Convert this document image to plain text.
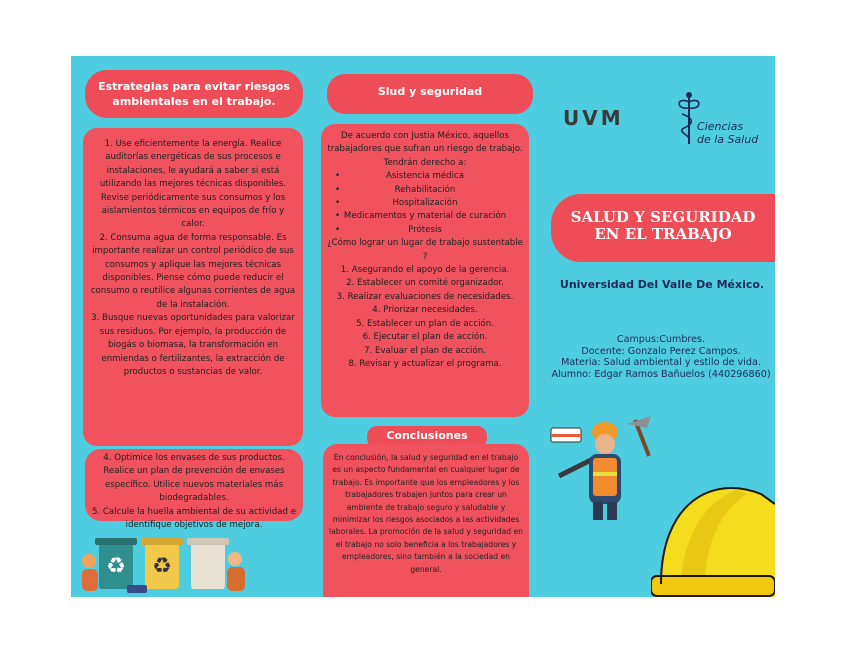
Estrategias para evitar riesgos ambientales en el trabajo.

1. Use eficientemente la energía. Realice auditorías energéticas de sus procesos e instalaciones, le ayudará a saber si está utilizando las mejores técnicas disponibles. Revise periódicamente sus consumos y los aislamientos térmicos en equipos de frío y calor.

2. Consuma agua de forma responsable. Es importante realizar un control periódico de sus consumos y aplique las mejores técnicas disponibles. Piense cómo puede reducir el consumo o reutilice algunas corrientes de agua de la instalación.

3. Busque nuevas oportunidades para valorizar sus residuos. Por ejemplo, la producción de biogás o biomasa, la transformación en enmiendas o fertilizantes, la extracción de productos o sustancias de valor.

4. Optimice los envases de sus productos. Realice un plan de prevención de envases específico. Utilice nuevos materiales más biodegradables.

5. Calcule la huella ambiental de su actividad e identifique objetivos de mejora.

♻ ♻
Slud y seguridad
De acuerdo con Justia México, aquellos trabajadores que sufran un riesgo de trabajo. Tendrán derecho a:
• Asistencia médica
• Rehabilitación
• Hospitalización
• Medicamentos y material de curación
• Prótesis
¿Cómo lograr un lugar de trabajo sustentable ?
1. Asegurando el apoyo de la gerencia.
2. Establecer un comité organizador.
3. Realizar evaluaciones de necesidades.
4. Priorizar necesidades.
5. Establecer un plan de acción.
6. Ejecutar el plan de acción.
7. Evaluar el plan de acción.
8. Revisar y actualizar el programa.
Conclusiones
En conclusión, la salud y seguridad en el trabajo es un aspecto fundamental en cualquier lugar de trabajo. Es importante que los empleadores y los trabajadores trabajen juntos para crear un ambiente de trabajo seguro y saludable y minimizar los riesgos asociados a las actividades laborales. La promoción de la salud y seguridad en el trabajo no solo beneficia a los trabajadores y empleadores, sino también a la sociedad en general.
UVM	Ciencias
de la Salud
SALUD Y SEGURIDAD
EN EL TRABAJO
Universidad Del Valle De México.
Campus:Cumbres.
Docente: Gonzalo Perez Campos.
Materia: Salud ambiental y estilo de vida.
Alumno: Edgar Ramos Bañuelos (440296860)
